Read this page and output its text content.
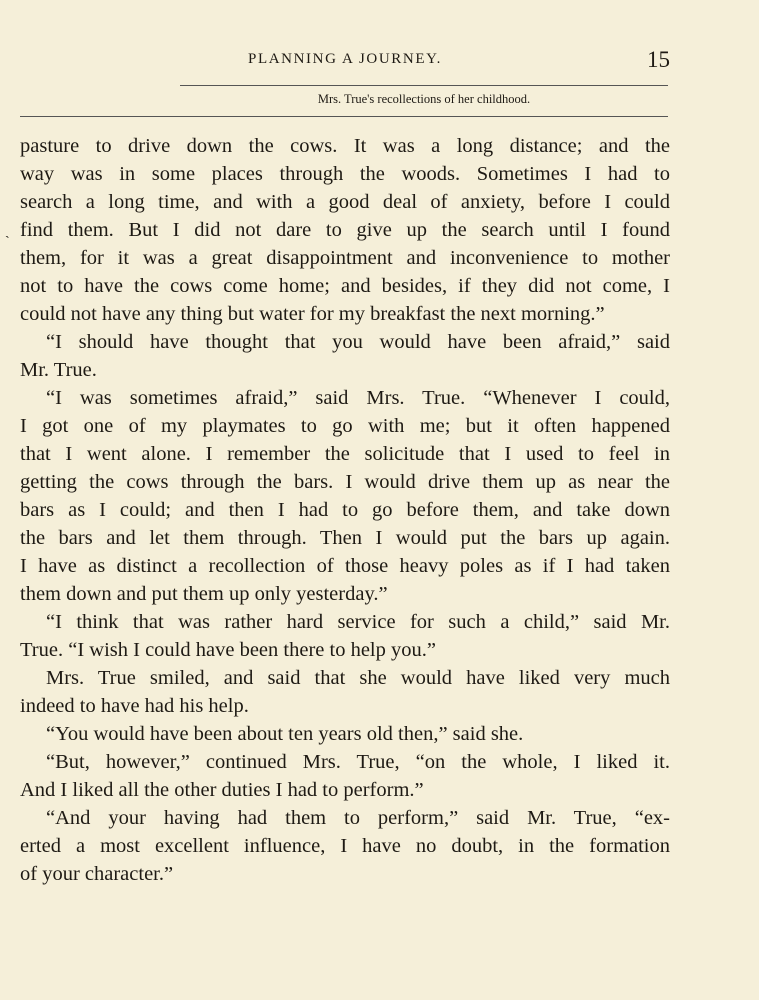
PLANNING A JOURNEY.	15
Mrs. True's recollections of her childhood.
ˏ
pasture to drive down the cows. It was a long distance; and the
way was in some places through the woods. Sometimes I had to
search a long time, and with a good deal of anxiety, before I could
find them. But I did not dare to give up the search until I found
them, for it was a great disappointment and inconvenience to mother
not to have the cows come home; and besides, if they did not come, I
could not have any thing but water for my breakfast the next morning.”
“I should have thought that you would have been afraid,” said
Mr. True.
“I was sometimes afraid,” said Mrs. True. “Whenever I could,
I got one of my playmates to go with me; but it often happened
that I went alone. I remember the solicitude that I used to feel in
getting the cows through the bars. I would drive them up as near the
bars as I could; and then I had to go before them, and take down
the bars and let them through. Then I would put the bars up again.
I have as distinct a recollection of those heavy poles as if I had taken
them down and put them up only yesterday.”
“I think that was rather hard service for such a child,” said Mr.
True. “I wish I could have been there to help you.”
Mrs. True smiled, and said that she would have liked very much
indeed to have had his help.
“You would have been about ten years old then,” said she.
“But, however,” continued Mrs. True, “on the whole, I liked it.
And I liked all the other duties I had to perform.”
“And your having had them to perform,” said Mr. True, “ex-
erted a most excellent influence, I have no doubt, in the formation
of your character.”
